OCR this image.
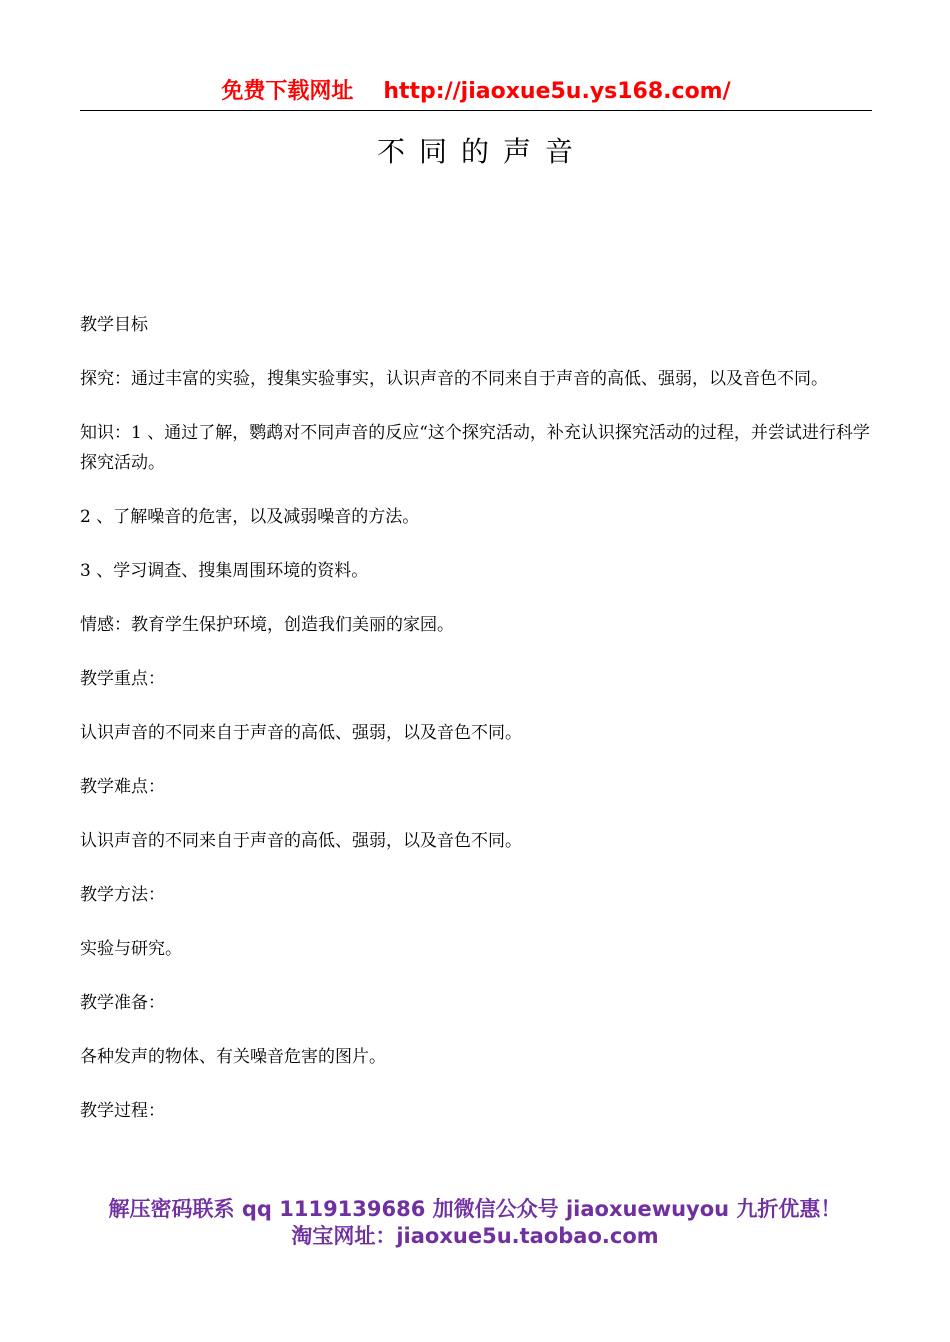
免费下载网址 http://jiaoxue5u.ys168.com/
不同的声音

教学目标

探究：通过丰富的实验，搜集实验事实，认识声音的不同来自于声音的高低、强弱，以及音色不同。

知识：1 、通过了解，鹦鹉对不同声音的反应“这个探究活动，补充认识探究活动的过程，并尝试进行科学探究活动。

2 、了解噪音的危害，以及减弱噪音的方法。

3 、学习调查、搜集周围环境的资料。

情感：教育学生保护环境，创造我们美丽的家园。

教学重点：

认识声音的不同来自于声音的高低、强弱，以及音色不同。

教学难点：

认识声音的不同来自于声音的高低、强弱，以及音色不同。

教学方法：

实验与研究。

教学准备：

各种发声的物体、有关噪音危害的图片。

教学过程：

解压密码联系 qq 1119139686 加微信公众号 jiaoxuewuyou 九折优惠！
淘宝网址：jiaoxue5u.taobao.com
